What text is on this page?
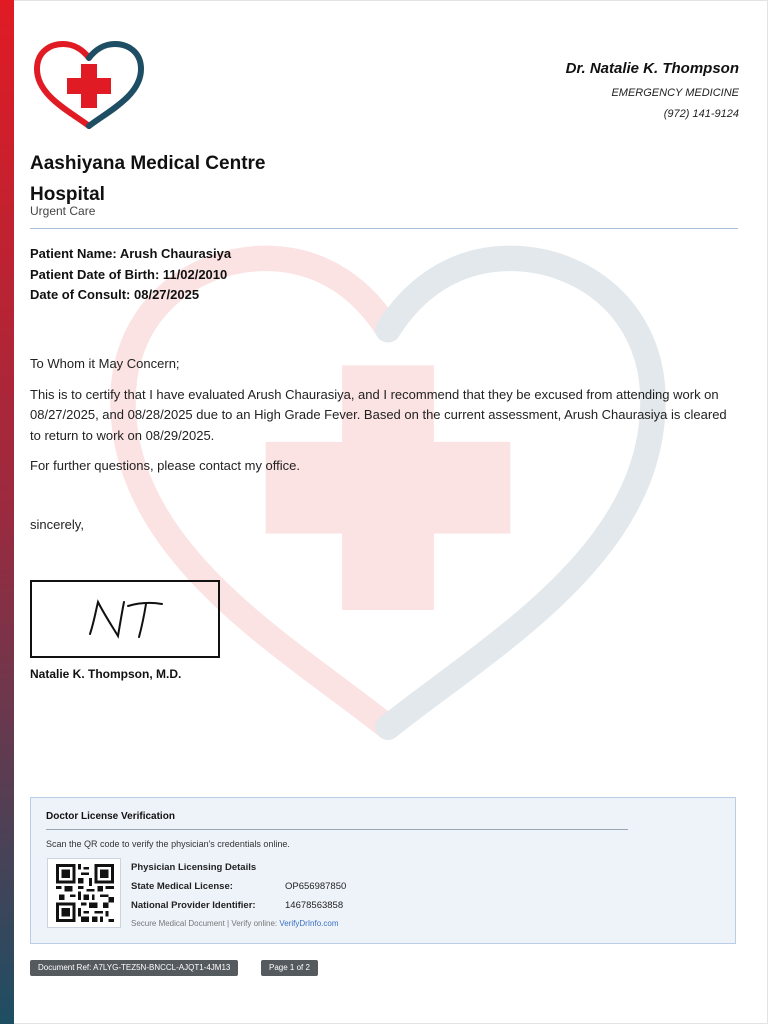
Dr. Natalie K. Thompson
EMERGENCY MEDICINE
(972) 141-9124
Aashiyana Medical Centre Hospital
Urgent Care
Patient Name: Arush Chaurasiya
Patient Date of Birth: 11/02/2010
Date of Consult: 08/27/2025

To Whom it May Concern;

This is to certify that I have evaluated Arush Chaurasiya, and I recommend that they be excused from attending work on 08/27/2025, and 08/28/2025 due to an High Grade Fever. Based on the current assessment, Arush Chaurasiya is cleared to return to work on 08/29/2025.

For further questions, please contact my office.

sincerely,

Natalie K. Thompson, M.D.
Doctor License Verification
Scan the QR code to verify the physician's credentials online.
Physician Licensing Details
State Medical License:	OP656987850
National Provider Identifier:	14678563858
Secure Medical Document | Verify online: VerifyDrInfo.com
Document Ref: A7LYG-TEZ5N-BNCCL-AJQT1-4JM13	Page 1 of 2
